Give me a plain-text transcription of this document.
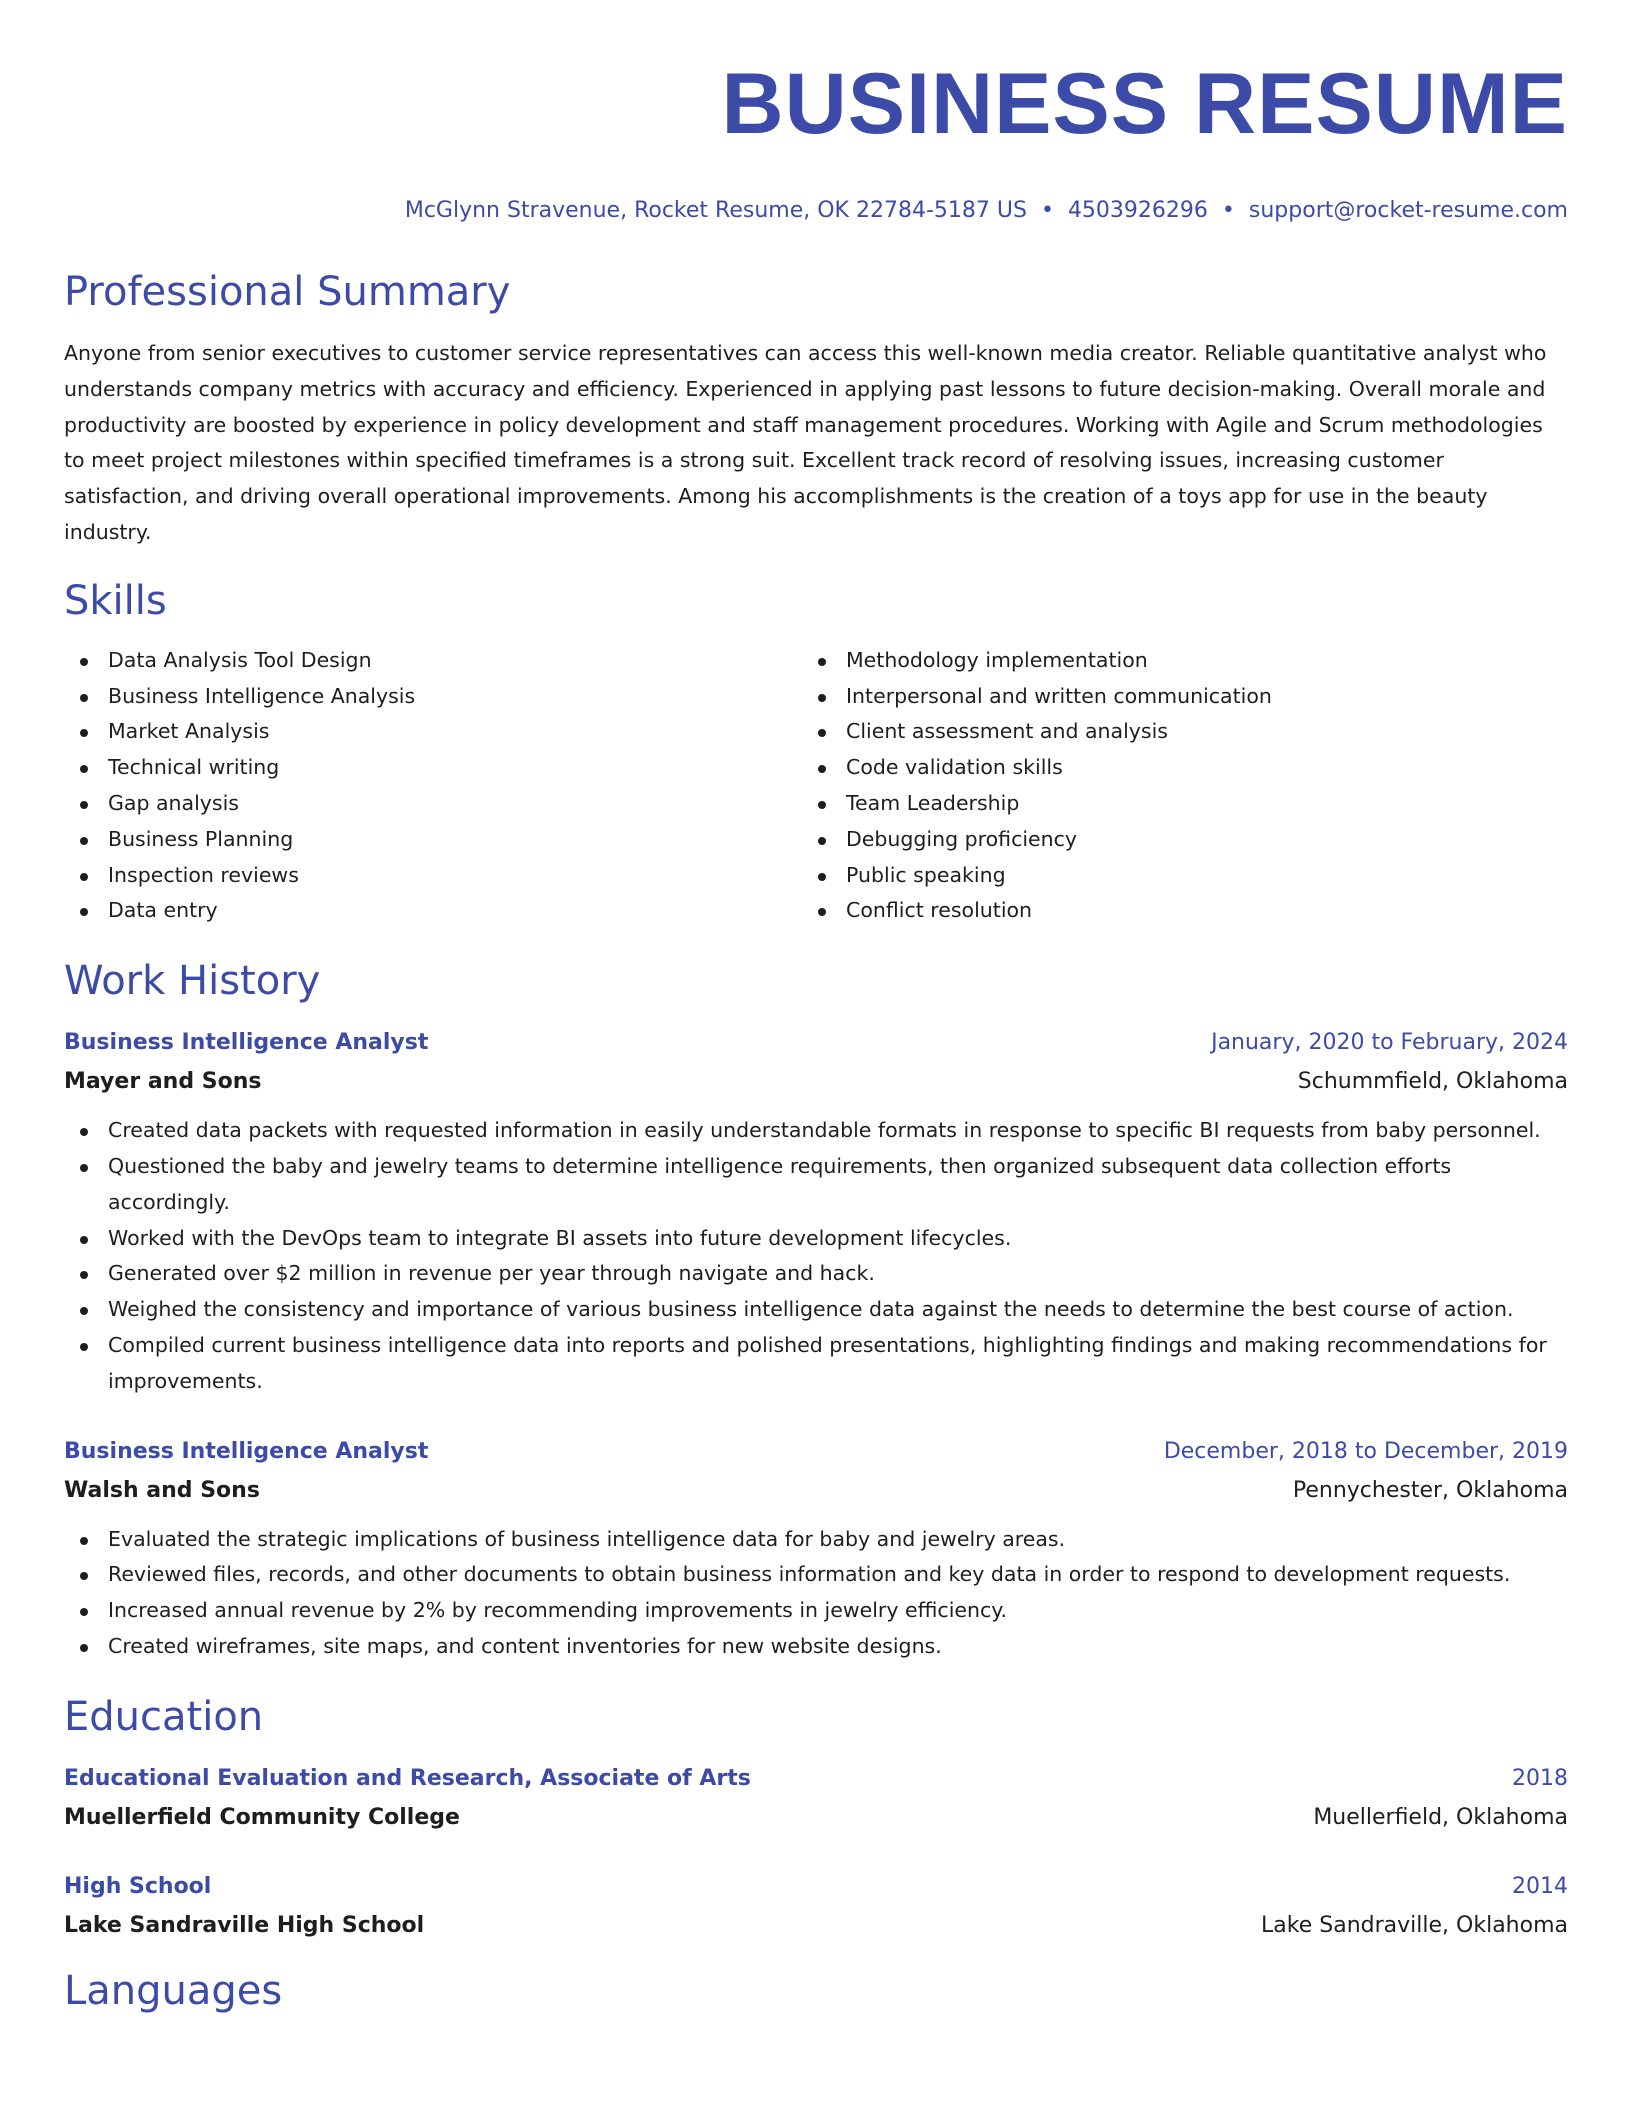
BUSINESS RESUME
McGlynn Stravenue, Rocket Resume, OK 22784-5187 US • 4503926296 • support@rocket-resume.com
Professional Summary

Anyone from senior executives to customer service representatives can access this well-known media creator. Reliable quantitative analyst who understands company metrics with accuracy and efficiency. Experienced in applying past lessons to future decision-making. Overall morale and productivity are boosted by experience in policy development and staff management procedures. Working with Agile and Scrum methodologies to meet project milestones within specified timeframes is a strong suit. Excellent track record of resolving issues, increasing customer satisfaction, and driving overall operational improvements. Among his accomplishments is the creation of a toys app for use in the beauty industry.

Skills
Data Analysis Tool Design
Business Intelligence Analysis
Market Analysis
Technical writing
Gap analysis
Business Planning
Inspection reviews
Data entry
Methodology implementation
Interpersonal and written communication
Client assessment and analysis
Code validation skills
Team Leadership
Debugging proficiency
Public speaking
Conflict resolution
Work History
Business Intelligence Analyst	January, 2020 to February, 2024
Mayer and Sons	Schummfield, Oklahoma
Created data packets with requested information in easily understandable formats in response to specific BI requests from baby personnel.
Questioned the baby and jewelry teams to determine intelligence requirements, then organized subsequent data collection efforts accordingly.
Worked with the DevOps team to integrate BI assets into future development lifecycles.
Generated over $2 million in revenue per year through navigate and hack.
Weighed the consistency and importance of various business intelligence data against the needs to determine the best course of action.
Compiled current business intelligence data into reports and polished presentations, highlighting findings and making recommendations for improvements.
Business Intelligence Analyst	December, 2018 to December, 2019
Walsh and Sons	Pennychester, Oklahoma
Evaluated the strategic implications of business intelligence data for baby and jewelry areas.
Reviewed files, records, and other documents to obtain business information and key data in order to respond to development requests.
Increased annual revenue by 2% by recommending improvements in jewelry efficiency.
Created wireframes, site maps, and content inventories for new website designs.
Education
Educational Evaluation and Research, Associate of Arts	2018
Muellerfield Community College	Muellerfield, Oklahoma
High School	2014
Lake Sandraville High School	Lake Sandraville, Oklahoma
Languages
